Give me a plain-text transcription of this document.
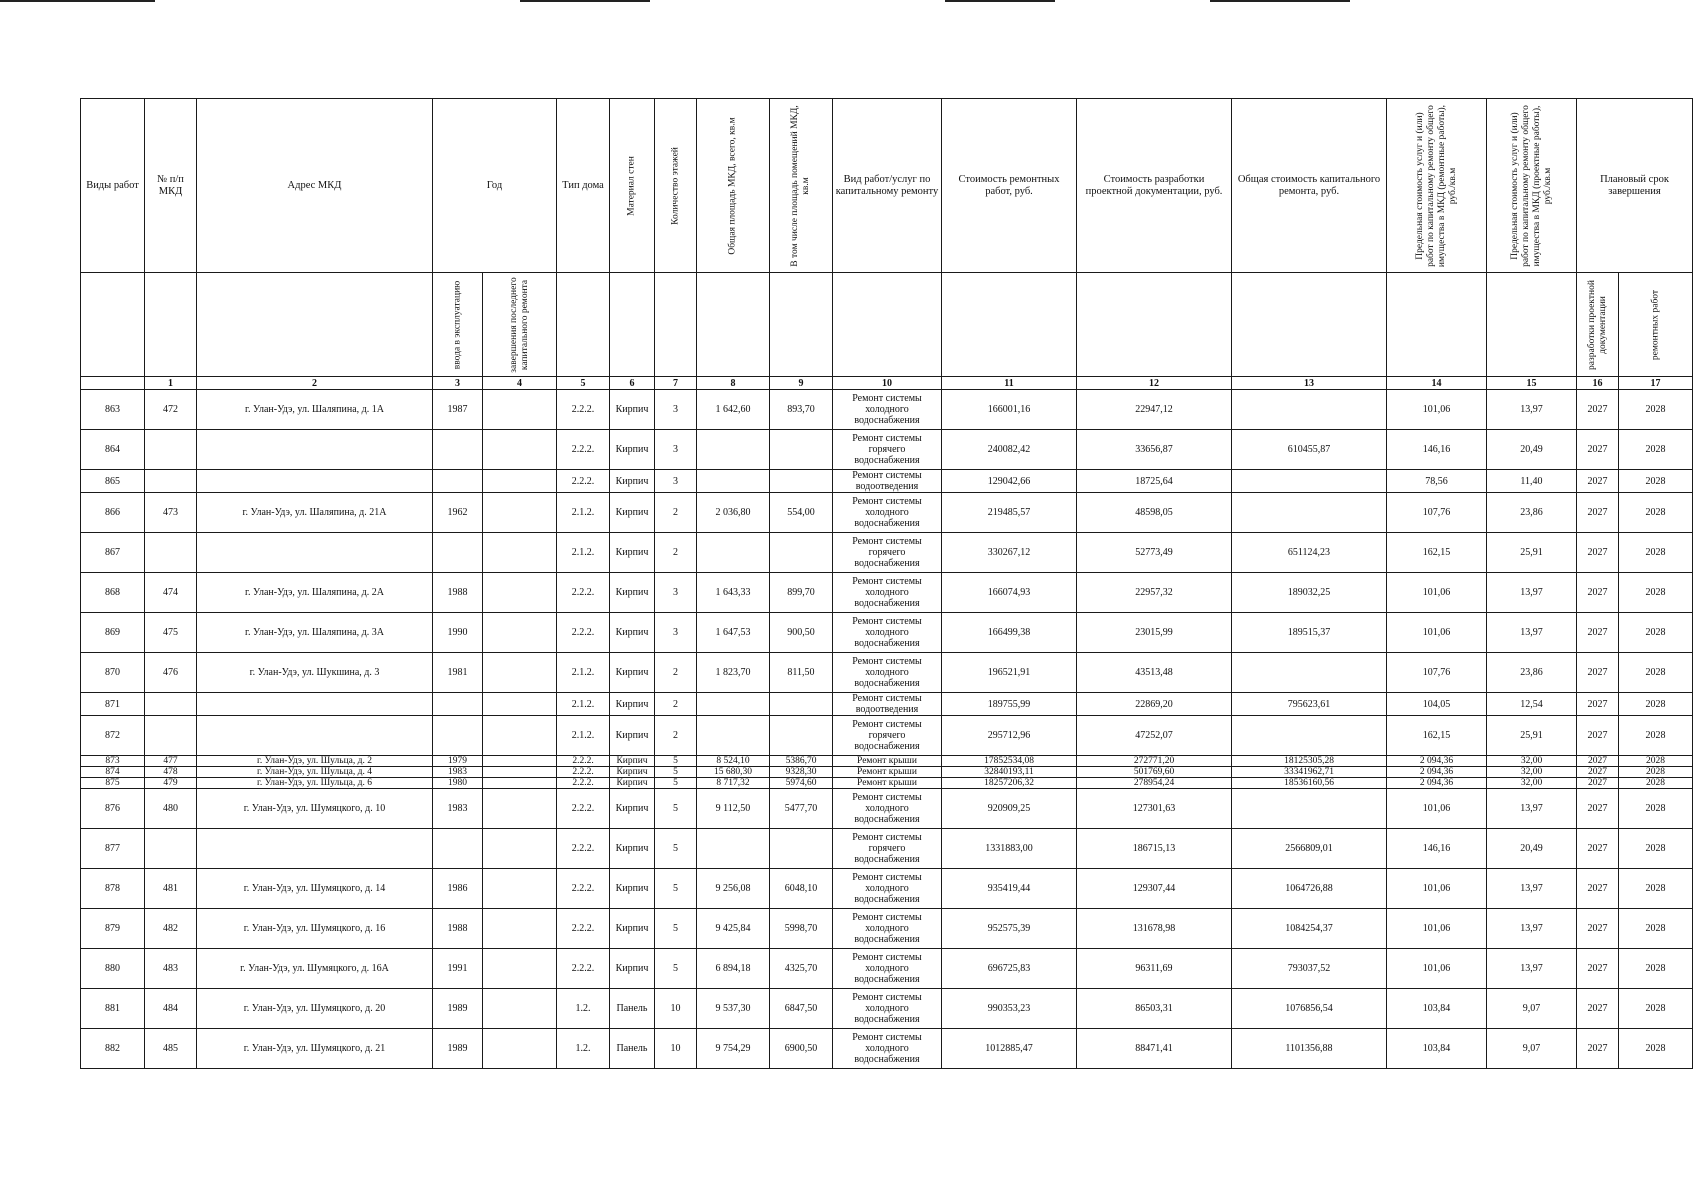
Виды работ	№ п/п МКД	Адрес МКД	Год		Тип дома	Материал стен	Количество этажей	Общая площадь МКД, всего, кв.м	В том числе площадь помещений МКД, кв.м	Вид работ/услуг по капитальному ремонту	Стоимость ремонтных работ, руб.	Стоимость разработки проектной документации, руб.	Общая стоимость капитального ремонта, руб.	Предельная стоимость услуг и (или) работ по капитальному ремонту общего имущества в МКД (ремонтные работы), руб./кв.м	Предельная стоимость услуг и (или) работ по капитальному ремонту общего имущества в МКД (проектные работы), руб./кв.м	Плановый срок завершения	

			ввода в эксплуатацию	завершения последнего капитального ремонта												разработки проектной документации	ремонтных работ

	1	2	3	4	5	6	7	8	9	10	11	12	13	14	15	16	17
863	472	г. Улан-Удэ, ул. Шаляпина, д. 1А	1987		2.2.2.	Кирпич	3	1 642,60	893,70	Ремонт системы холодного водоснабжения	166001,16	22947,12		101,06	13,97	2027	2028
864					2.2.2.	Кирпич	3			Ремонт системы горячего водоснабжения	240082,42	33656,87	610455,87	146,16	20,49	2027	2028
865					2.2.2.	Кирпич	3			Ремонт системы водоотведения	129042,66	18725,64		78,56	11,40	2027	2028
866	473	г. Улан-Удэ, ул. Шаляпина, д. 21А	1962		2.1.2.	Кирпич	2	2 036,80	554,00	Ремонт системы холодного водоснабжения	219485,57	48598,05		107,76	23,86	2027	2028
867					2.1.2.	Кирпич	2			Ремонт системы горячего водоснабжения	330267,12	52773,49	651124,23	162,15	25,91	2027	2028
868	474	г. Улан-Удэ, ул. Шаляпина, д. 2А	1988		2.2.2.	Кирпич	3	1 643,33	899,70	Ремонт системы холодного водоснабжения	166074,93	22957,32	189032,25	101,06	13,97	2027	2028
869	475	г. Улан-Удэ, ул. Шаляпина, д. 3А	1990		2.2.2.	Кирпич	3	1 647,53	900,50	Ремонт системы холодного водоснабжения	166499,38	23015,99	189515,37	101,06	13,97	2027	2028
870	476	г. Улан-Удэ, ул. Шукшина, д. 3	1981		2.1.2.	Кирпич	2	1 823,70	811,50	Ремонт системы холодного водоснабжения	196521,91	43513,48		107,76	23,86	2027	2028
871					2.1.2.	Кирпич	2			Ремонт системы водоотведения	189755,99	22869,20	795623,61	104,05	12,54	2027	2028
872					2.1.2.	Кирпич	2			Ремонт системы горячего водоснабжения	295712,96	47252,07		162,15	25,91	2027	2028
873	477	г. Улан-Удэ, ул. Шульца, д. 2	1979		2.2.2.	Кирпич	5	8 524,10	5386,70	Ремонт крыши	17852534,08	272771,20	18125305,28	2 094,36	32,00	2027	2028
874	478	г. Улан-Удэ, ул. Шульца, д. 4	1983		2.2.2.	Кирпич	5	15 680,30	9328,30	Ремонт крыши	32840193,11	501769,60	33341962,71	2 094,36	32,00	2027	2028
875	479	г. Улан-Удэ, ул. Шульца, д. 6	1980		2.2.2.	Кирпич	5	8 717,32	5974,60	Ремонт крыши	18257206,32	278954,24	18536160,56	2 094,36	32,00	2027	2028
876	480	г. Улан-Удэ, ул. Шумяцкого, д. 10	1983		2.2.2.	Кирпич	5	9 112,50	5477,70	Ремонт системы холодного водоснабжения	920909,25	127301,63		101,06	13,97	2027	2028
877					2.2.2.	Кирпич	5			Ремонт системы горячего водоснабжения	1331883,00	186715,13	2566809,01	146,16	20,49	2027	2028
878	481	г. Улан-Удэ, ул. Шумяцкого, д. 14	1986		2.2.2.	Кирпич	5	9 256,08	6048,10	Ремонт системы холодного водоснабжения	935419,44	129307,44	1064726,88	101,06	13,97	2027	2028
879	482	г. Улан-Удэ, ул. Шумяцкого, д. 16	1988		2.2.2.	Кирпич	5	9 425,84	5998,70	Ремонт системы холодного водоснабжения	952575,39	131678,98	1084254,37	101,06	13,97	2027	2028
880	483	г. Улан-Удэ, ул. Шумяцкого, д. 16А	1991		2.2.2.	Кирпич	5	6 894,18	4325,70	Ремонт системы холодного водоснабжения	696725,83	96311,69	793037,52	101,06	13,97	2027	2028
881	484	г. Улан-Удэ, ул. Шумяцкого, д. 20	1989		1.2.	Панель	10	9 537,30	6847,50	Ремонт системы холодного водоснабжения	990353,23	86503,31	1076856,54	103,84	9,07	2027	2028
882	485	г. Улан-Удэ, ул. Шумяцкого, д. 21	1989		1.2.	Панель	10	9 754,29	6900,50	Ремонт системы холодного водоснабжения	1012885,47	88471,41	1101356,88	103,84	9,07	2027	2028
